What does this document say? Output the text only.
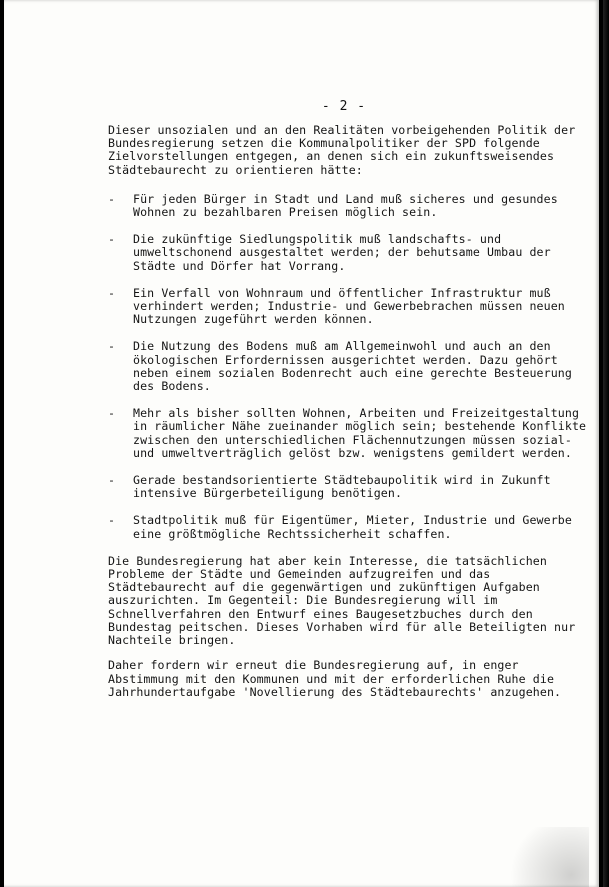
- 2 -

Dieser unsozialen und an den Realitäten vorbeigehenden Politik der
Bundesregierung setzen die Kommunalpolitiker der SPD folgende
Zielvorstellungen entgegen, an denen sich ein zukunftsweisendes
Städtebaurecht zu orientieren hätte:

- Für jeden Bürger in Stadt und Land muß sicheres und gesundes
Wohnen zu bezahlbaren Preisen möglich sein.
- Die zukünftige Siedlungspolitik muß landschafts- und
umweltschonend ausgestaltet werden; der behutsame Umbau der
Städte und Dörfer hat Vorrang.
- Ein Verfall von Wohnraum und öffentlicher Infrastruktur muß
verhindert werden; Industrie- und Gewerbebrachen müssen neuen
Nutzungen zugeführt werden können.
- Die Nutzung des Bodens muß am Allgemeinwohl und auch an den
ökologischen Erfordernissen ausgerichtet werden. Dazu gehört
neben einem sozialen Bodenrecht auch eine gerechte Besteuerung
des Bodens.
- Mehr als bisher sollten Wohnen, Arbeiten und Freizeitgestaltung
in räumlicher Nähe zueinander möglich sein; bestehende Konflikte
zwischen den unterschiedlichen Flächennutzungen müssen sozial-
und umweltverträglich gelöst bzw. wenigstens gemildert werden.
- Gerade bestandsorientierte Städtebaupolitik wird in Zukunft
intensive Bürgerbeteiligung benötigen.
- Stadtpolitik muß für Eigentümer, Mieter, Industrie und Gewerbe
eine größtmögliche Rechtssicherheit schaffen.

Die Bundesregierung hat aber kein Interesse, die tatsächlichen
Probleme der Städte und Gemeinden aufzugreifen und das
Städtebaurecht auf die gegenwärtigen und zukünftigen Aufgaben
auszurichten. Im Gegenteil: Die Bundesregierung will im
Schnellverfahren den Entwurf eines Baugesetzbuches durch den
Bundestag peitschen. Dieses Vorhaben wird für alle Beteiligten nur
Nachteile bringen.

Daher fordern wir erneut die Bundesregierung auf, in enger
Abstimmung mit den Kommunen und mit der erforderlichen Ruhe die
Jahrhundertaufgabe 'Novellierung des Städtebaurechts' anzugehen.
